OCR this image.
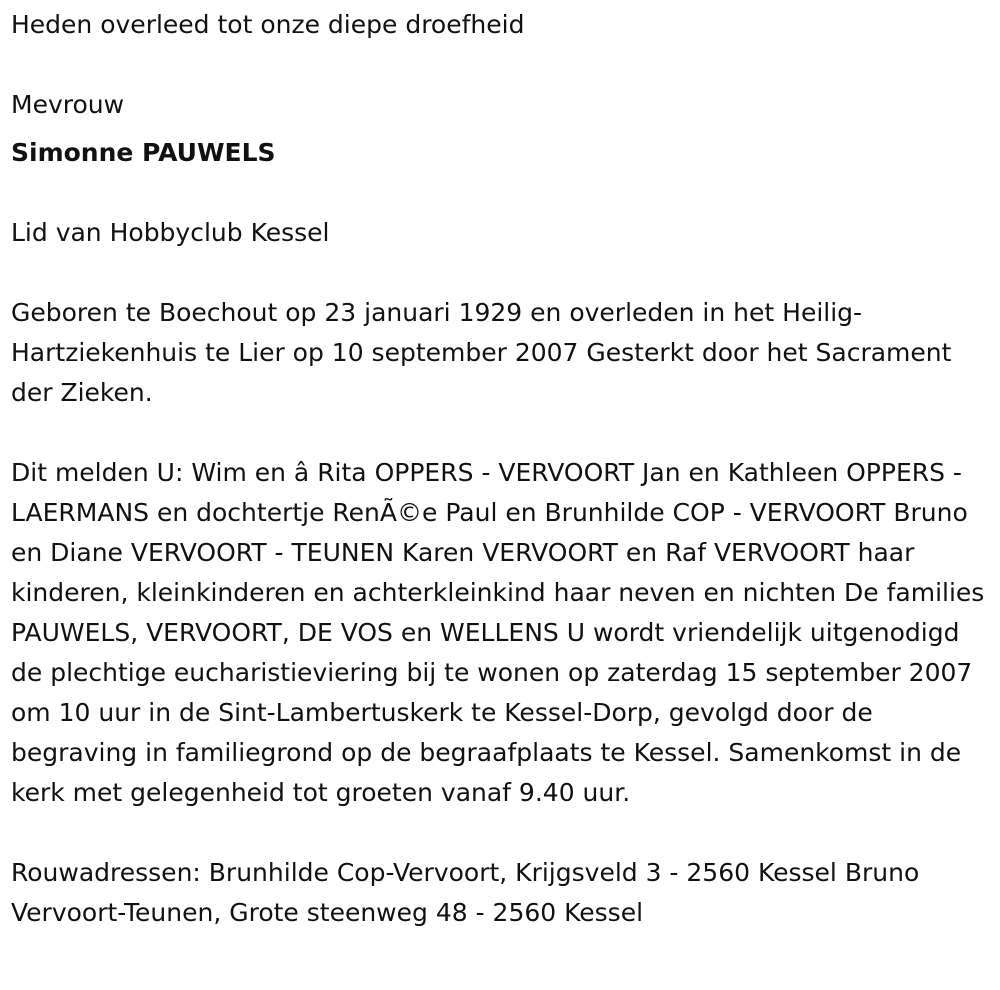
Heden overleed tot onze diepe droefheid

Mevrouw

Simonne PAUWELS

Lid van Hobbyclub Kessel

Geboren te Boechout op 23 januari 1929 en overleden in het Heilig-Hartziekenhuis te Lier op 10 september 2007 Gesterkt door het Sacrament der Zieken.

Dit melden U: Wim en â Rita OPPERS - VERVOORT Jan en Kathleen OPPERS - LAERMANS en dochtertje RenÃ©e Paul en Brunhilde COP - VERVOORT Bruno en Diane VERVOORT - TEUNEN Karen VERVOORT en Raf VERVOORT haar kinderen, kleinkinderen en achterkleinkind haar neven en nichten De families PAUWELS, VERVOORT, DE VOS en WELLENS U wordt vriendelijk uitgenodigd de plechtige eucharistieviering bij te wonen op zaterdag 15 september 2007 om 10 uur in de Sint-Lambertuskerk te Kessel-Dorp, gevolgd door de begraving in familiegrond op de begraafplaats te Kessel. Samenkomst in de kerk met gelegenheid tot groeten vanaf 9.40 uur.

Rouwadressen: Brunhilde Cop-Vervoort, Krijgsveld 3 - 2560 Kessel Bruno Vervoort-Teunen, Grote steenweg 48 - 2560 Kessel
